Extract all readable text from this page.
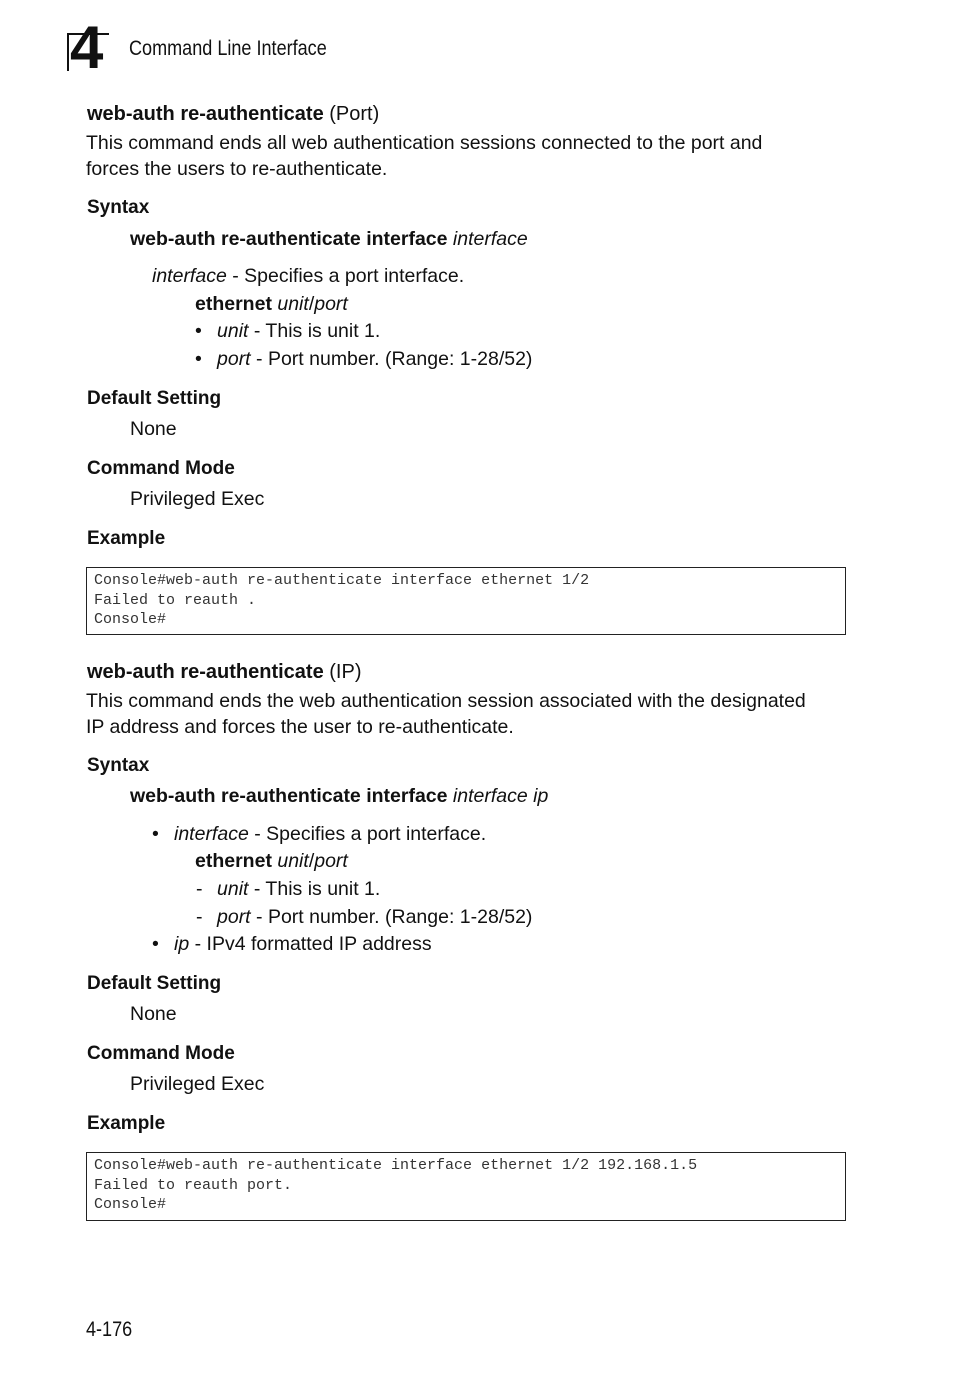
4 Command Line Interface
web-auth re-authenticate (Port)
This command ends all web authentication sessions connected to the port and
forces the users to re-authenticate.
Syntax
web-auth re-authenticate interface interface
interface - Specifies a port interface.
ethernet unit/port
• unit - This is unit 1.
• port - Port number. (Range: 1-28/52)
Default Setting
None
Command Mode
Privileged Exec
Example
Console#web-auth re-authenticate interface ethernet 1/2
Failed to reauth .
Console#
web-auth re-authenticate (IP)
This command ends the web authentication session associated with the designated
IP address and forces the user to re-authenticate.
Syntax
web-auth re-authenticate interface interface ip
• interface - Specifies a port interface.
ethernet unit/port
- unit - This is unit 1.
- port - Port number. (Range: 1-28/52)
• ip - IPv4 formatted IP address
Default Setting
None
Command Mode
Privileged Exec
Example
Console#web-auth re-authenticate interface ethernet 1/2 192.168.1.5
Failed to reauth port.
Console#
4-176
